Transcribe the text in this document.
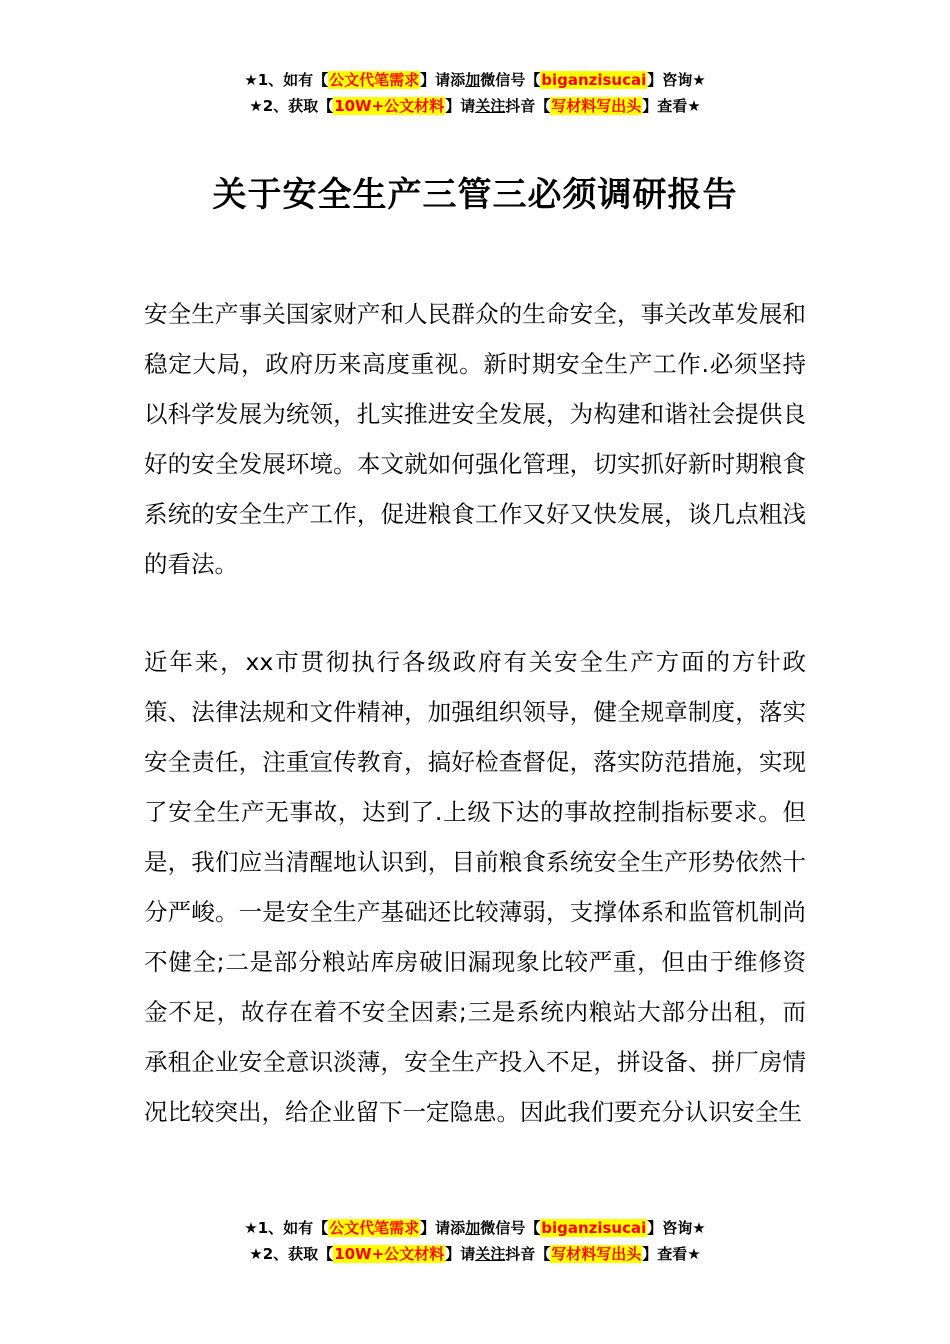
★1、如有【公文代笔需求】请添加微信号【biganzisucai】咨询★
★2、获取【10W+公文材料】请关注抖音【写材料写出头】查看★
关于安全生产三管三必须调研报告

安全生产事关国家财产和人民群众的生命安全，事关改革发展和稳定大局，政府历来高度重视。新时期安全生产工作.必须坚持以科学发展为统领，扎实推进安全发展，为构建和谐社会提供良好的安全发展环境。本文就如何强化管理，切实抓好新时期粮食系统的安全生产工作，促进粮食工作又好又快发展，谈几点粗浅的看法。

近年来，xx市贯彻执行各级政府有关安全生产方面的方针政策、法律法规和文件精神，加强组织领导，健全规章制度，落实安全责任，注重宣传教育，搞好检查督促，落实防范措施，实现了安全生产无事故，达到了.上级下达的事故控制指标要求。但是，我们应当清醒地认识到，目前粮食系统安全生产形势依然十分严峻。一是安全生产基础还比较薄弱，支撑体系和监管机制尚不健全;二是部分粮站库房破旧漏现象比较严重，但由于维修资金不足，故存在着不安全因素;三是系统内粮站大部分出租，而承租企业安全意识淡薄，安全生产投入不足，拼设备、拼厂房情况比较突出，给企业留下一定隐患。因此我们要充分认识安全生

★1、如有【公文代笔需求】请添加微信号【biganzisucai】咨询★
★2、获取【10W+公文材料】请关注抖音【写材料写出头】查看★
